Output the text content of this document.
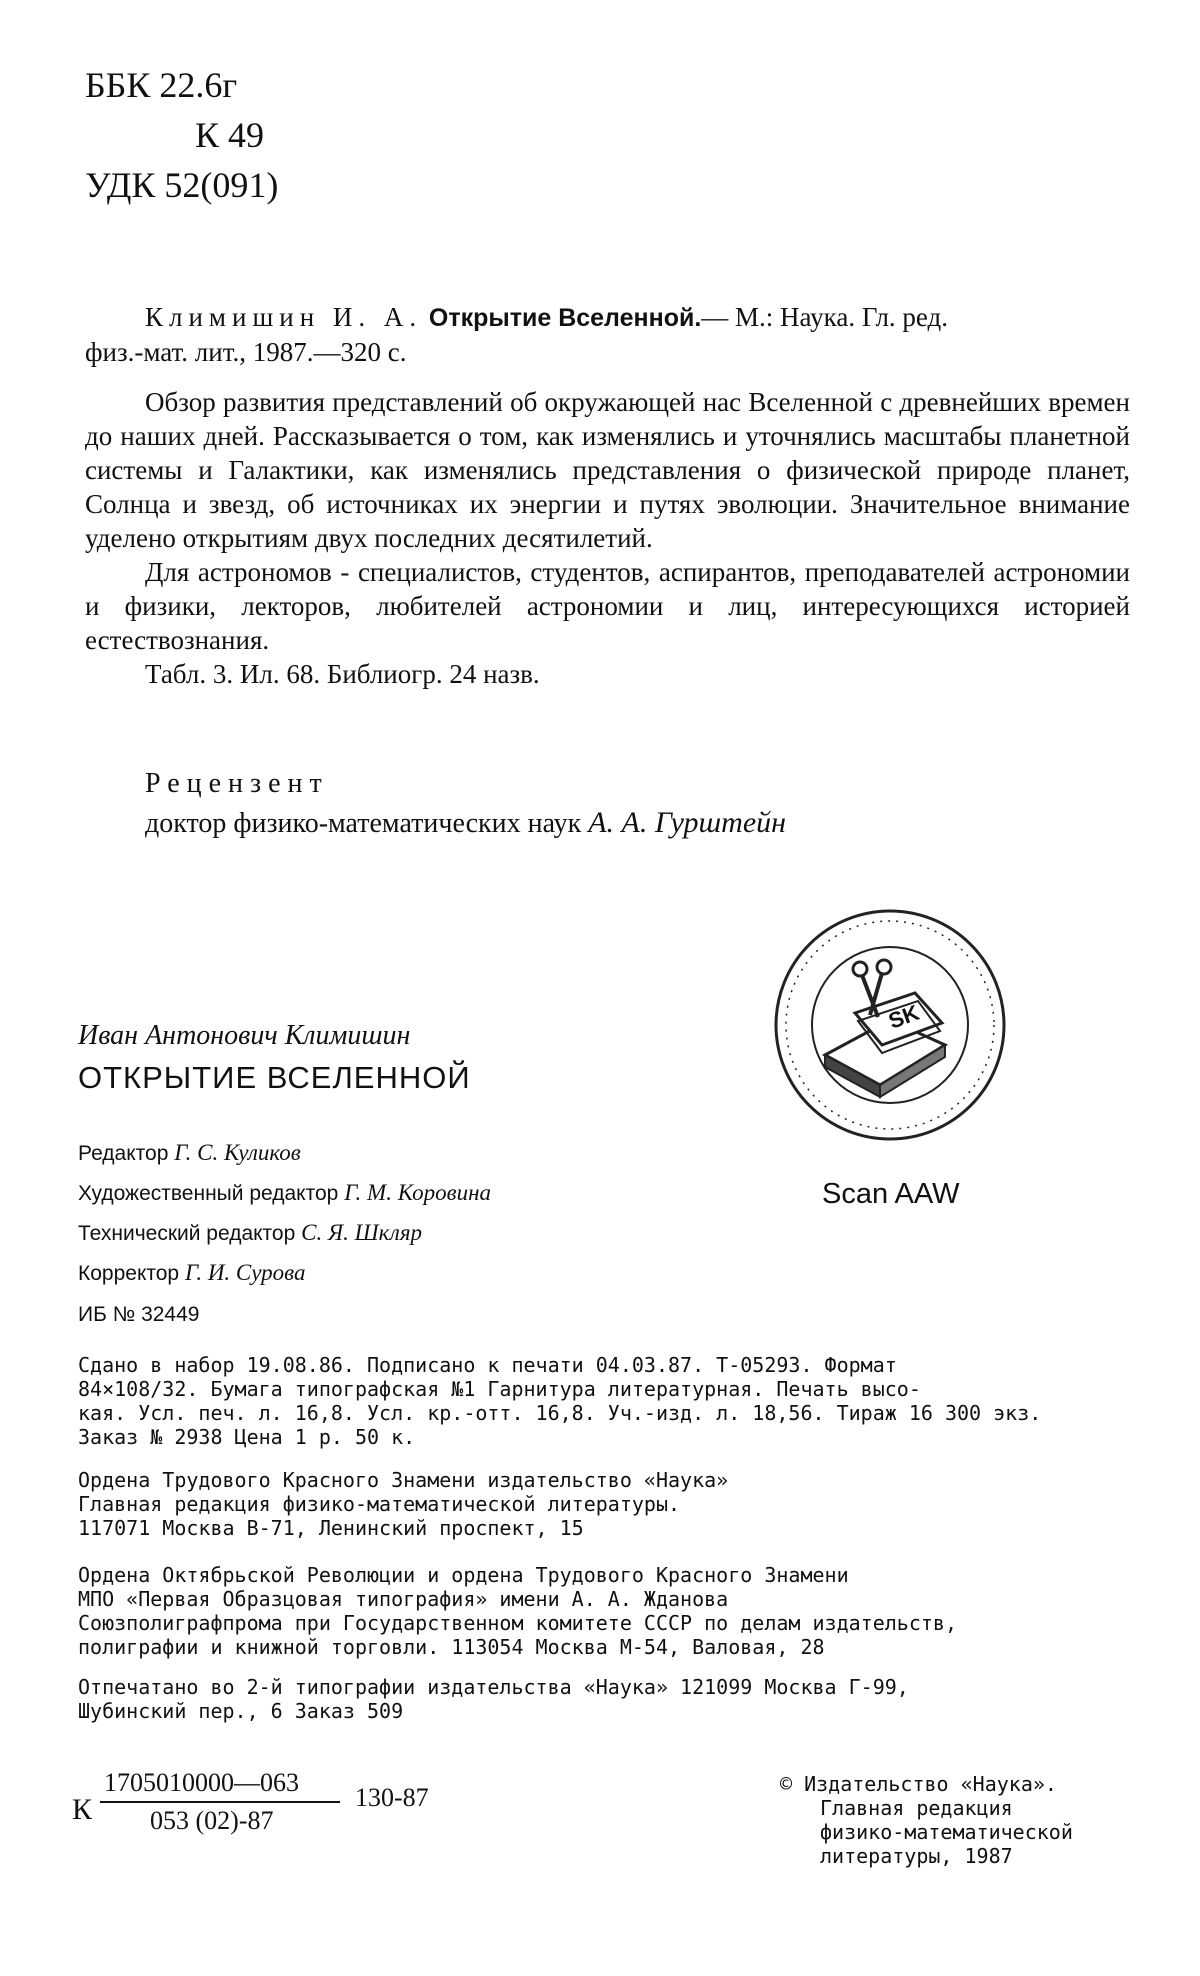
ББК 22.6г
К 49
УДК 52(091)
Климишин И. А. Открытие Вселенной.— М.: Наука. Гл. ред.
физ.-мат. лит., 1987.—320 с.
Обзор развития представлений об окружающей нас Вселенной с древнейших времен до наших дней. Рассказывается о том, как изменялись и уточнялись масштабы планетной системы и Галактики, как изменялись представления о физической природе планет, Солнца и звезд, об источниках их энергии и путях эволюции. Значительное внимание уделено открытиям двух последних десятилетий.
Для астрономов - специалистов, студентов, аспирантов, преподавателей астрономии и физики, лекторов, любителей астрономии и лиц, интересующихся историей естествознания.
Табл. 3. Ил. 68. Библиогр. 24 назв.
Рецензент
доктор физико-математических наук А. А. Гурштейн
SK
Scan AAW
Иван Антонович Климишин
ОТКРЫТИЕ ВСЕЛЕННОЙ
Редактор Г. С. Куликов
Художественный редактор Г. М. Коровина
Технический редактор С. Я. Шкляр
Корректор Г. И. Сурова
ИБ № 32449
Сдано в набор 19.08.86. Подписано к печати 04.03.87. Т-05293. Формат
84×108/32. Бумага типографская №1 Гарнитура литературная. Печать высо-
кая. Усл. печ. л. 16,8. Усл. кр.-отт. 16,8. Уч.-изд. л. 18,56. Тираж 16 300 экз.
Заказ № 2938 Цена 1 р. 50 к.
Ордена Трудового Красного Знамени издательство «Наука»
Главная редакция физико-математической литературы.
117071 Москва В-71, Ленинский проспект, 15
Ордена Октябрьской Революции и ордена Трудового Красного Знамени
МПО «Первая Образцовая типография» имени А. А. Жданова
Союзполиграфпрома при Государственном комитете СССР по делам издательств,
полиграфии и книжной торговли. 113054 Москва М-54, Валовая, 28
Отпечатано во 2-й типографии издательства «Наука» 121099 Москва Г-99,
Шубинский пер., 6 Заказ 509
К
1705010000—063
053 (02)-87
130-87	© Издательство «Наука».
Главная редакция
физико-математической
литературы, 1987
